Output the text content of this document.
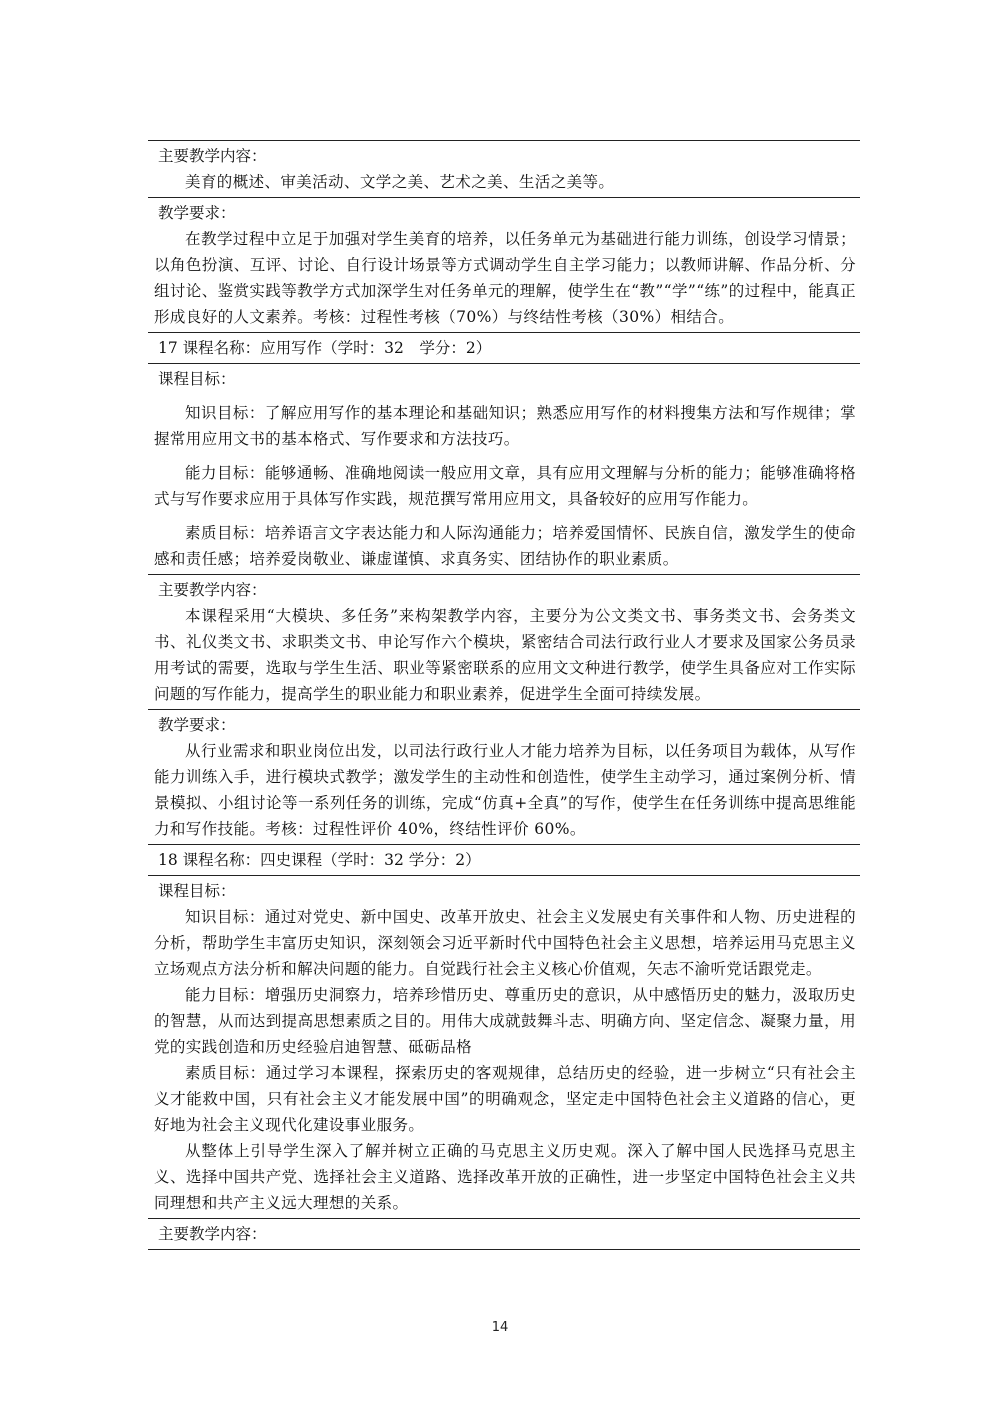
主要教学内容：
美育的概述、审美活动、文学之美、艺术之美、生活之美等。
教学要求：
在教学过程中立足于加强对学生美育的培养，以任务单元为基础进行能力训练，创设学习情景；以角色扮演、互评、讨论、自行设计场景等方式调动学生自主学习能力；以教师讲解、作品分析、分组讨论、鉴赏实践等教学方式加深学生对任务单元的理解，使学生在“教”“学”“练”的过程中，能真正形成良好的人文素养。考核：过程性考核（70%）与终结性考核（30%）相结合。
17 课程名称：应用写作（学时：32　学分：2）
课程目标：
知识目标：了解应用写作的基本理论和基础知识；熟悉应用写作的材料搜集方法和写作规律；掌握常用应用文书的基本格式、写作要求和方法技巧。
能力目标：能够通畅、准确地阅读一般应用文章，具有应用文理解与分析的能力；能够准确将格式与写作要求应用于具体写作实践，规范撰写常用应用文，具备较好的应用写作能力。
素质目标：培养语言文字表达能力和人际沟通能力；培养爱国情怀、民族自信，激发学生的使命感和责任感；培养爱岗敬业、谦虚谨慎、求真务实、团结协作的职业素质。
主要教学内容：
本课程采用“大模块、多任务”来构架教学内容，主要分为公文类文书、事务类文书、会务类文书、礼仪类文书、求职类文书、申论写作六个模块，紧密结合司法行政行业人才要求及国家公务员录用考试的需要，选取与学生生活、职业等紧密联系的应用文文种进行教学，使学生具备应对工作实际问题的写作能力，提高学生的职业能力和职业素养，促进学生全面可持续发展。
教学要求：
从行业需求和职业岗位出发，以司法行政行业人才能力培养为目标，以任务项目为载体，从写作能力训练入手，进行模块式教学；激发学生的主动性和创造性，使学生主动学习，通过案例分析、情景模拟、小组讨论等一系列任务的训练，完成“仿真+全真”的写作，使学生在任务训练中提高思维能力和写作技能。考核：过程性评价 40%，终结性评价 60%。
18 课程名称：四史课程（学时：32 学分：2）
课程目标：
知识目标：通过对党史、新中国史、改革开放史、社会主义发展史有关事件和人物、历史进程的分析，帮助学生丰富历史知识，深刻领会习近平新时代中国特色社会主义思想，培养运用马克思主义立场观点方法分析和解决问题的能力。自觉践行社会主义核心价值观，矢志不渝听党话跟党走。
能力目标：增强历史洞察力，培养珍惜历史、尊重历史的意识，从中感悟历史的魅力，汲取历史的智慧，从而达到提高思想素质之目的。用伟大成就鼓舞斗志、明确方向、坚定信念、凝聚力量，用党的实践创造和历史经验启迪智慧、砥砺品格
素质目标：通过学习本课程，探索历史的客观规律，总结历史的经验，进一步树立“只有社会主义才能救中国，只有社会主义才能发展中国”的明确观念，坚定走中国特色社会主义道路的信心，更好地为社会主义现代化建设事业服务。
从整体上引导学生深入了解并树立正确的马克思主义历史观。深入了解中国人民选择马克思主义、选择中国共产党、选择社会主义道路、选择改革开放的正确性，进一步坚定中国特色社会主义共同理想和共产主义远大理想的关系。
主要教学内容：
14
